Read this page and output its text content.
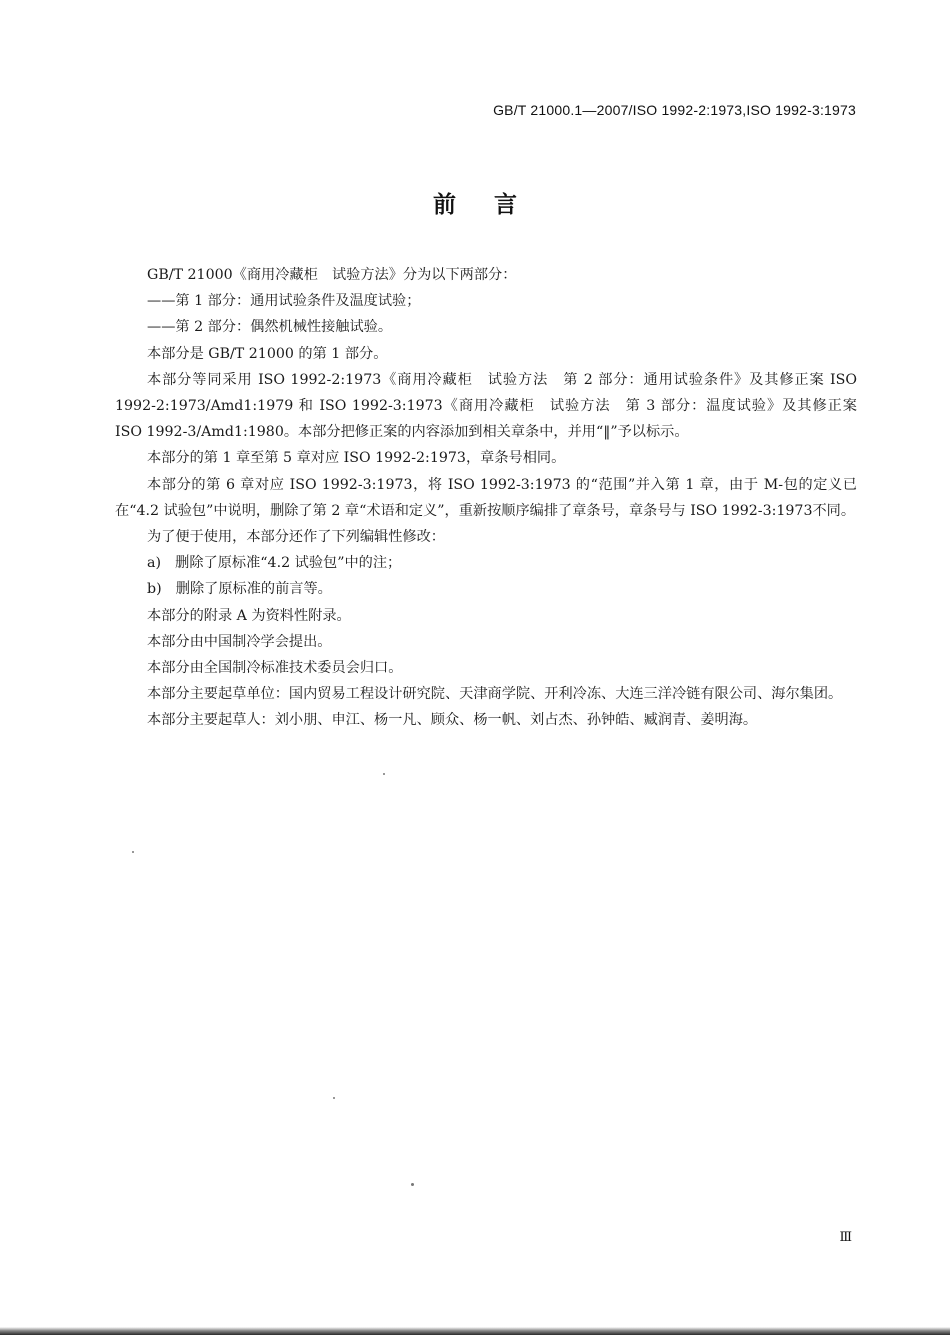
GB/T 21000.1—2007/ISO 1992-2:1973,ISO 1992-3:1973
前言

GB/T 21000《商用冷藏柜　试验方法》分为以下两部分：

——第 1 部分：通用试验条件及温度试验；

——第 2 部分：偶然机械性接触试验。

本部分是 GB/T 21000 的第 1 部分。

本部分等同采用 ISO 1992-2:1973《商用冷藏柜　试验方法　第 2 部分：通用试验条件》及其修正案 ISO 1992-2:1973/Amd1:1979 和 ISO 1992-3:1973《商用冷藏柜　试验方法　第 3 部分：温度试验》及其修正案 ISO 1992-3/Amd1:1980。本部分把修正案的内容添加到相关章条中，并用“‖”予以标示。

本部分的第 1 章至第 5 章对应 ISO 1992-2:1973，章条号相同。

本部分的第 6 章对应 ISO 1992-3:1973，将 ISO 1992-3:1973 的“范围”并入第 1 章，由于 M-包的定义已在“4.2 试验包”中说明，删除了第 2 章“术语和定义”，重新按顺序编排了章条号，章条号与 ISO 1992-3:1973不同。

为了便于使用，本部分还作了下列编辑性修改：

a)　删除了原标准“4.2 试验包”中的注；

b)　删除了原标准的前言等。

本部分的附录 A 为资料性附录。

本部分由中国制冷学会提出。

本部分由全国制冷标准技术委员会归口。

本部分主要起草单位：国内贸易工程设计研究院、天津商学院、开利冷冻、大连三洋冷链有限公司、海尔集团。

本部分主要起草人：刘小朋、申江、杨一凡、顾众、杨一帆、刘占杰、孙钟皓、臧润青、姜明海。

Ⅲ
